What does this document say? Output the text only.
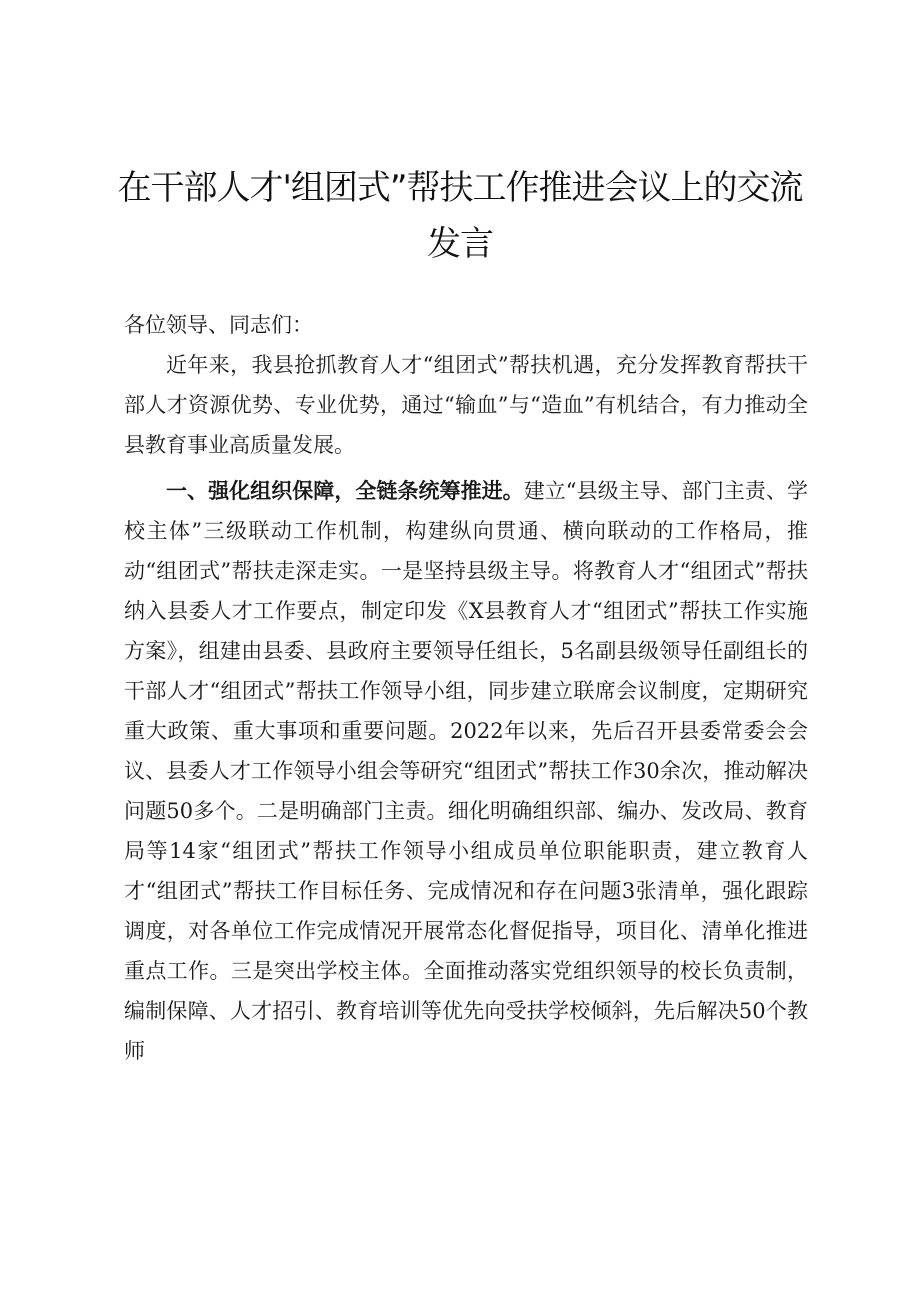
在干部人才'组团式”帮扶工作推进会议上的交流发言

各位领导、同志们：

近年来，我县抢抓教育人才“组团式”帮扶机遇，充分发挥教育帮扶干部人才资源优势、专业优势，通过“输血”与“造血”有机结合，有力推动全县教育事业高质量发展。

一、强化组织保障，全链条统筹推进。建立“县级主导、部门主责、学校主体”三级联动工作机制，构建纵向贯通、横向联动的工作格局，推动“组团式”帮扶走深走实。一是坚持县级主导。将教育人才“组团式”帮扶纳入县委人才工作要点，制定印发《X县教育人才“组团式”帮扶工作实施方案》，组建由县委、县政府主要领导任组长，5名副县级领导任副组长的干部人才“组团式”帮扶工作领导小组，同步建立联席会议制度，定期研究重大政策、重大事项和重要问题。2022年以来，先后召开县委常委会会议、县委人才工作领导小组会等研究“组团式”帮扶工作30余次，推动解决问题50多个。二是明确部门主责。细化明确组织部、编办、发改局、教育局等14家“组团式”帮扶工作领导小组成员单位职能职责，建立教育人才“组团式”帮扶工作目标任务、完成情况和存在问题3张清单，强化跟踪调度，对各单位工作完成情况开展常态化督促指导，项目化、清单化推进重点工作。三是突出学校主体。全面推动落实党组织领导的校长负责制，编制保障、人才招引、教育培训等优先向受扶学校倾斜，先后解决50个教师
